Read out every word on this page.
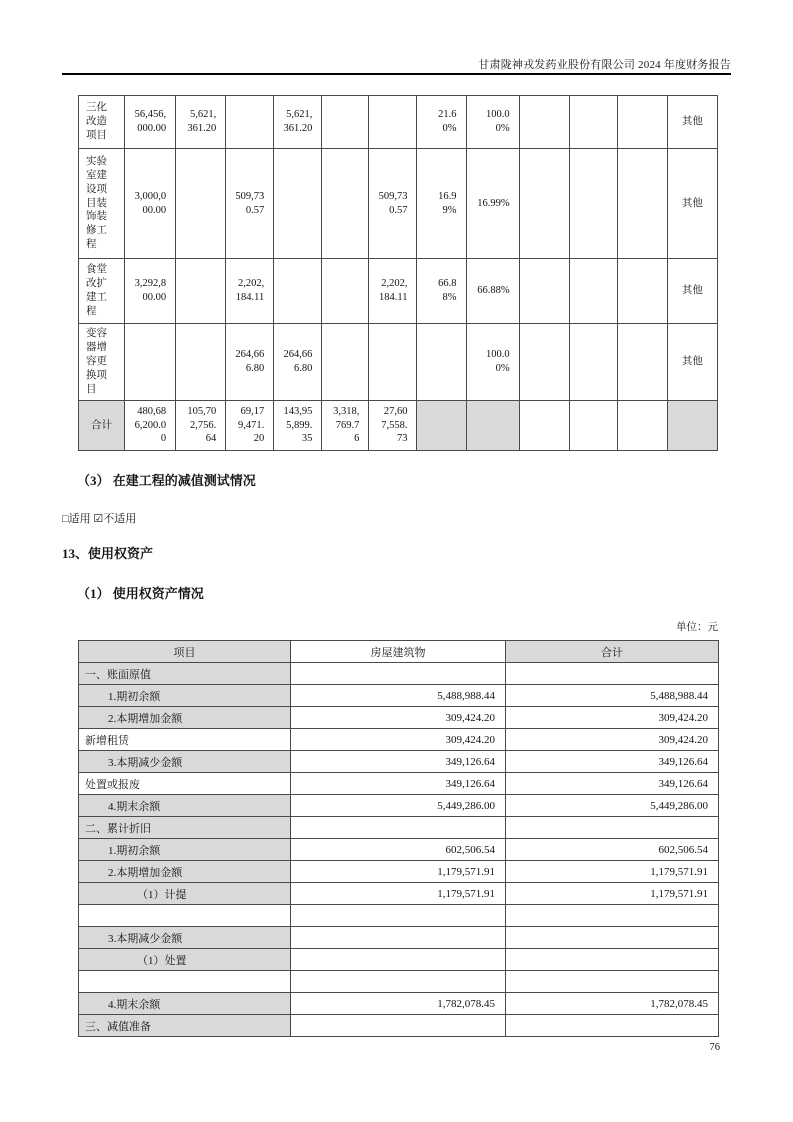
甘肃陇神戎发药业股份有限公司 2024 年度财务报告
三化改造项目	56,456,000.00	5,621,361.20		5,621,361.20			21.60%	100.00%				其他
实验室建设项目装饰装修工程	3,000,000.00		509,730.57			509,730.57	16.99%	16.99%				其他
食堂改扩建工程	3,292,800.00		2,202,184.11			2,202,184.11	66.88%	66.88%				其他
变容器增容更换项目			264,666.80	264,666.80				100.00%				其他
合计	480,686,200.00	105,702,756.64	69,179,471.20	143,955,899.35	3,318,769.76	27,607,558.73						
（3） 在建工程的减值测试情况
□适用 ☑不适用
13、使用权资产
（1） 使用权资产情况
单位：元
项目	房屋建筑物	合计
一、账面原值		
1.期初余额	5,488,988.44	5,488,988.44
2.本期增加金额	309,424.20	309,424.20
新增租赁	309,424.20	309,424.20
3.本期减少金额	349,126.64	349,126.64
处置或报废	349,126.64	349,126.64
4.期末余额	5,449,286.00	5,449,286.00
二、累计折旧		
1.期初余额	602,506.54	602,506.54
2.本期增加金额	1,179,571.91	1,179,571.91
（1）计提	1,179,571.91	1,179,571.91

3.本期减少金额		
（1）处置		

4.期末余额	1,782,078.45	1,782,078.45
三、减值准备		
76
